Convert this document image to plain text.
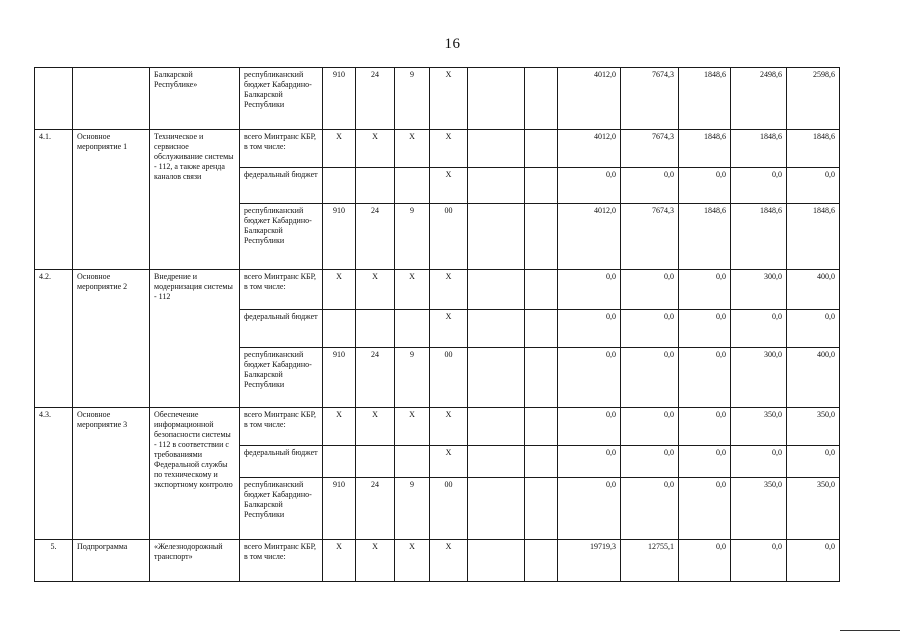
16
		Балкарской Республике»	республиканский бюджет Кабардино-Балкарской Республики	910	24	9	X			4012,0	7674,3	1848,6	2498,6	2598,6
4.1.	Основное мероприятие 1	Техническое и сервисное обслуживание системы - 112, а также аренда каналов связи	всего Минтранс КБР, в том числе:	X	X	X	X			4012,0	7674,3	1848,6	1848,6	1848,6
			федеральный бюджет				X			0,0	0,0	0,0	0,0	0,0
			республиканский бюджет Кабардино-Балкарской Республики	910	24	9	00			4012,0	7674,3	1848,6	1848,6	1848,6
4.2.	Основное мероприятие 2	Внедрение и модернизация системы - 112	всего Минтранс КБР, в том числе:	X	X	X	X			0,0	0,0	0,0	300,0	400,0
			федеральный бюджет				X			0,0	0,0	0,0	0,0	0,0
			республиканский бюджет Кабардино-Балкарской Республики	910	24	9	00			0,0	0,0	0,0	300,0	400,0
4.3.	Основное мероприятие 3	Обеспечение информационной безопасности системы - 112 в соответствии с требованиями Федеральной службы по техническому и экспортному контролю	всего Минтранс КБР, в том числе:	X	X	X	X			0,0	0,0	0,0	350,0	350,0
			федеральный бюджет				X			0,0	0,0	0,0	0,0	0,0
			республиканский бюджет Кабардино-Балкарской Республики	910	24	9	00			0,0	0,0	0,0	350,0	350,0
5.	Подпрограмма	«Железнодорожный транспорт»	всего Минтранс КБР, в том числе:	X	X	X	X			19719,3	12755,1	0,0	0,0	0,0
